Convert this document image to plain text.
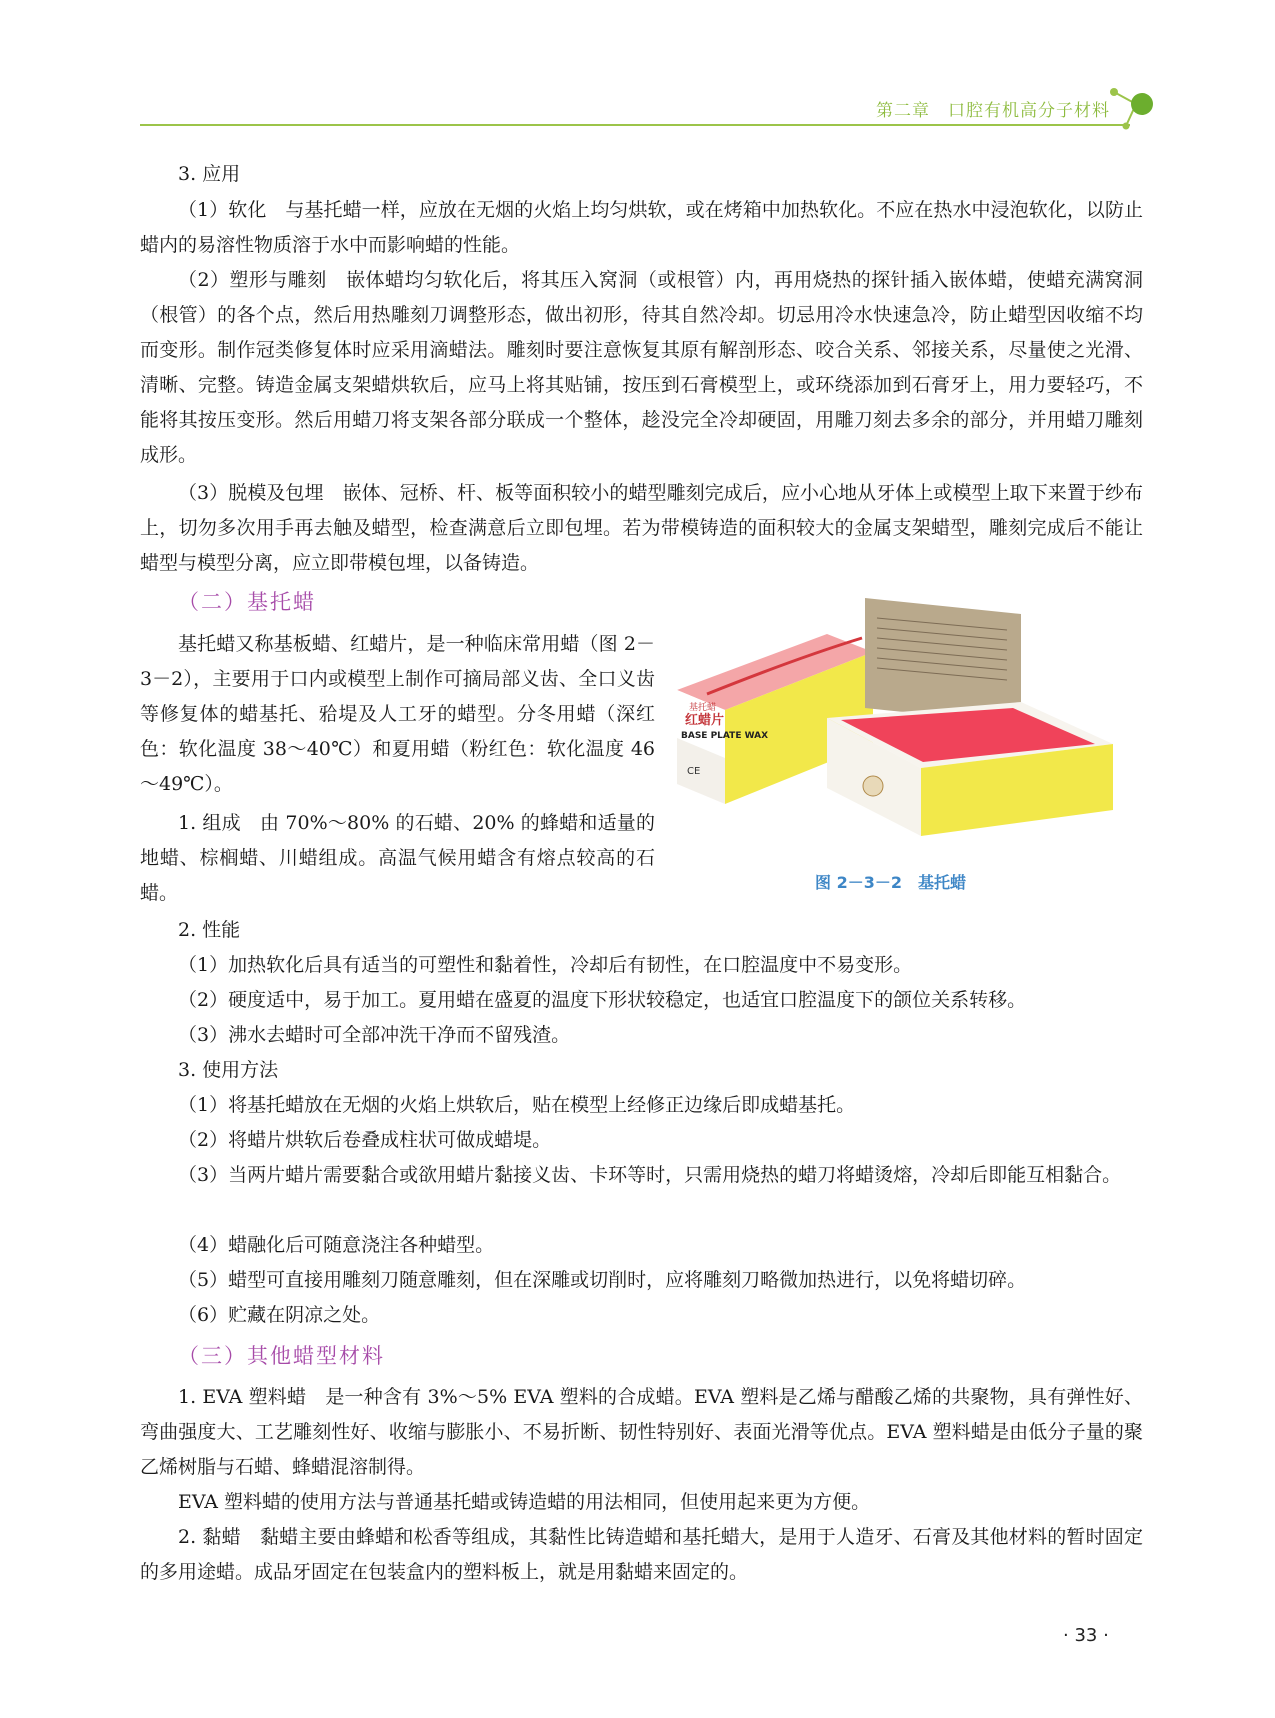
第二章　 口腔有机高分子材料

3. 应用

（1）软化　与基托蜡一样，应放在无烟的火焰上均匀烘软，或在烤箱中加热软化。不应在热水中浸泡软化，以防止蜡内的易溶性物质溶于水中而影响蜡的性能。

（2）塑形与雕刻　嵌体蜡均匀软化后，将其压入窝洞（或根管）内，再用烧热的探针插入嵌体蜡，使蜡充满窝洞（根管）的各个点，然后用热雕刻刀调整形态，做出初形，待其自然冷却。切忌用冷水快速急冷，防止蜡型因收缩不均而变形。制作冠类修复体时应采用滴蜡法。雕刻时要注意恢复其原有解剖形态、咬合关系、邻接关系，尽量使之光滑、清晰、完整。铸造金属支架蜡烘软后，应马上将其贴铺，按压到石膏模型上，或环绕添加到石膏牙上，用力要轻巧，不能将其按压变形。然后用蜡刀将支架各部分联成一个整体，趁没完全冷却硬固，用雕刀刻去多余的部分，并用蜡刀雕刻成形。

（3）脱模及包埋　嵌体、冠桥、杆、板等面积较小的蜡型雕刻完成后，应小心地从牙体上或模型上取下来置于纱布上，切勿多次用手再去触及蜡型，检查满意后立即包埋。若为带模铸造的面积较大的金属支架蜡型，雕刻完成后不能让蜡型与模型分离，应立即带模包埋，以备铸造。

（二）基托蜡

基托蜡又称基板蜡、红蜡片，是一种临床常用蜡（图 2－3－2），主要用于口内或模型上制作可摘局部义齿、全口义齿等修复体的蜡基托、𬌗堤及人工牙的蜡型。分冬用蜡（深红色：软化温度 38～40℃）和夏用蜡（粉红色：软化温度 46～49℃）。

1. 组成　由 70%～80% 的石蜡、20% 的蜂蜡和适量的地蜡、棕榈蜡、川蜡组成。高温气候用蜡含有熔点较高的石蜡。

基托蜡
红蜡片
BASE PLATE WAX
CE
图 2－3－2　基托蜡

2. 性能

（1）加热软化后具有适当的可塑性和黏着性，冷却后有韧性，在口腔温度中不易变形。

（2）硬度适中，易于加工。夏用蜡在盛夏的温度下形状较稳定，也适宜口腔温度下的颌位关系转移。

（3）沸水去蜡时可全部冲洗干净而不留残渣。

3. 使用方法

（1）将基托蜡放在无烟的火焰上烘软后，贴在模型上经修正边缘后即成蜡基托。

（2）将蜡片烘软后卷叠成柱状可做成蜡堤。

（3）当两片蜡片需要黏合或欲用蜡片黏接义齿、卡环等时，只需用烧热的蜡刀将蜡烫熔，冷却后即能互相黏合。

（4）蜡融化后可随意浇注各种蜡型。

（5）蜡型可直接用雕刻刀随意雕刻，但在深雕或切削时，应将雕刻刀略微加热进行，以免将蜡切碎。

（6）贮藏在阴凉之处。

（三）其他蜡型材料

1. EVA 塑料蜡　是一种含有 3%～5% EVA 塑料的合成蜡。EVA 塑料是乙烯与醋酸乙烯的共聚物，具有弹性好、弯曲强度大、工艺雕刻性好、收缩与膨胀小、不易折断、韧性特别好、表面光滑等优点。EVA 塑料蜡是由低分子量的聚乙烯树脂与石蜡、蜂蜡混溶制得。

EVA 塑料蜡的使用方法与普通基托蜡或铸造蜡的用法相同，但使用起来更为方便。

2. 黏蜡　黏蜡主要由蜂蜡和松香等组成，其黏性比铸造蜡和基托蜡大，是用于人造牙、石膏及其他材料的暂时固定的多用途蜡。成品牙固定在包装盒内的塑料板上，就是用黏蜡来固定的。

· 33 ·
